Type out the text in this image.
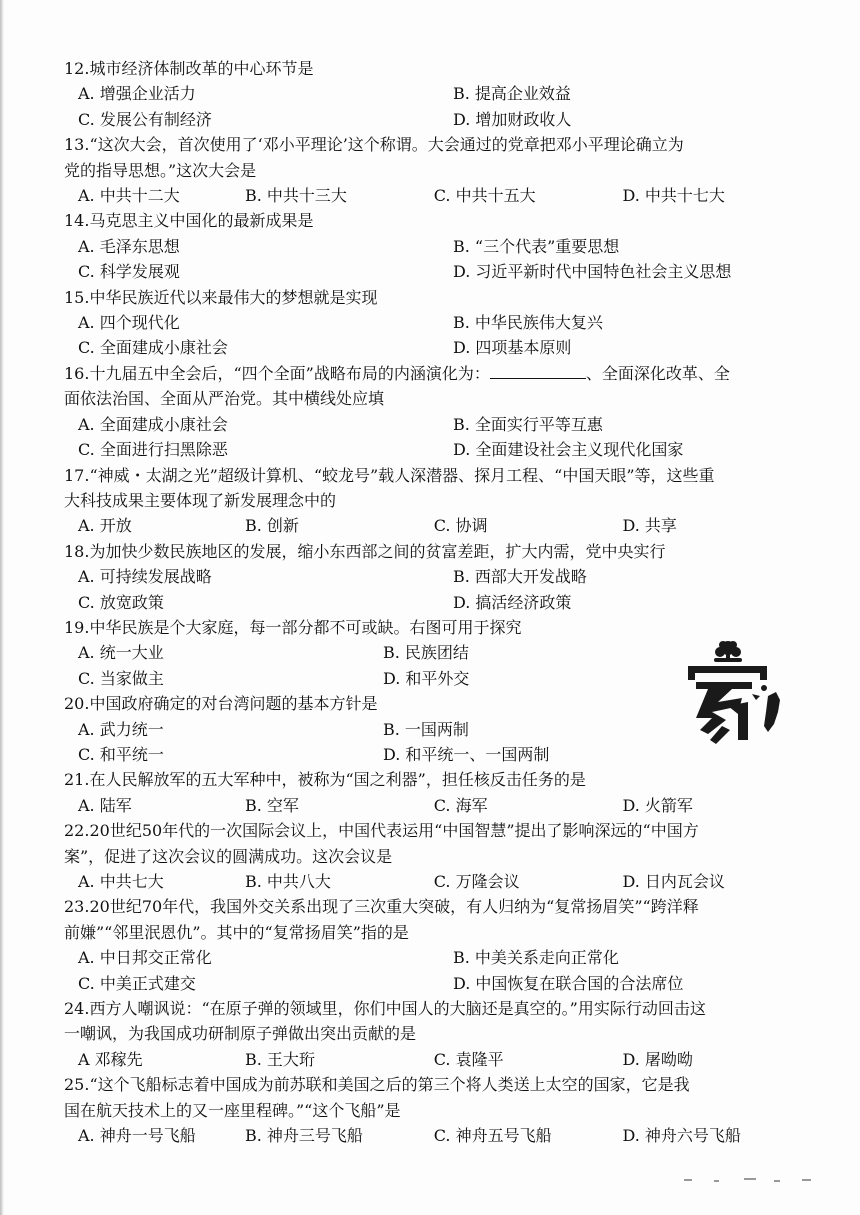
12.城市经济体制改革的中心环节是
A. 增强企业活力	B. 提高企业效益
C. 发展公有制经济	D. 增加财政收人
13.“这次大会，首次使用了‘邓小平理论’这个称谓。大会通过的党章把邓小平理论确立为
党的指导思想。”这次大会是
A. 中共十二大	B. 中共十三大	C. 中共十五大	D. 中共十七大
14.马克思主义中国化的最新成果是
A. 毛泽东思想	B. “三个代表”重要思想
C. 科学发展观	D. 习近平新时代中国特色社会主义思想
15.中华民族近代以来最伟大的梦想就是实现
A. 四个现代化	B. 中华民族伟大复兴
C. 全面建成小康社会	D. 四项基本原则
16.十九届五中全会后，“四个全面”战略布局的内涵演化为：	、全面深化改革、全
面依法治国、全面从严治党。其中横线处应填
A. 全面建成小康社会	B. 全面实行平等互惠
C. 全面进行扫黑除恶	D. 全面建设社会主义现代化国家
17.“神威・太湖之光”超级计算机、“蛟龙号”载人深潜器、探月工程、“中国天眼”等，这些重
大科技成果主要体现了新发展理念中的
A. 开放	B. 创新	C. 协调	D. 共享
18.为加快少数民族地区的发展，缩小东西部之间的贫富差距，扩大内需，党中央实行
A. 可持续发展战略	B. 西部大开发战略
C. 放宽政策	D. 搞活经济政策
19.中华民族是个大家庭，每一部分都不可或缺。右图可用于探究
A. 统一大业	B. 民族团结
C. 当家做主	D. 和平外交
20.中国政府确定的对台湾问题的基本方针是
A. 武力统一	B. 一国两制
C. 和平统一	D. 和平统一、一国两制
21.在人民解放军的五大军种中，被称为“国之利器”，担任核反击任务的是
A. 陆军	B. 空军	C. 海军	D. 火箭军
22.20世纪50年代的一次国际会议上，中国代表运用“中国智慧”提出了影响深远的“中国方
案”，促进了这次会议的圆满成功。这次会议是
A. 中共七大	B. 中共八大	C. 万隆会议	D. 日内瓦会议
23.20世纪70年代，我国外交关系出现了三次重大突破，有人归纳为“复常扬眉笑”“跨洋释
前嫌”“邻里泯恩仇”。其中的“复常扬眉笑”指的是
A. 中日邦交正常化	B. 中美关系走向正常化
C. 中美正式建交	D. 中国恢复在联合国的合法席位
24.西方人嘲讽说：“在原子弹的领域里，你们中国人的大脑还是真空的。”用实际行动回击这
一嘲讽，为我国成功研制原子弹做出突出贡献的是
A 邓稼先	B. 王大珩	C. 袁隆平	D. 屠呦呦
25.“这个飞船标志着中国成为前苏联和美国之后的第三个将人类送上太空的国家，它是我
国在航天技术上的又一座里程碑。”“这个飞船”是
A. 神舟一号飞船	B. 神舟三号飞船	C. 神舟五号飞船	D. 神舟六号飞船
